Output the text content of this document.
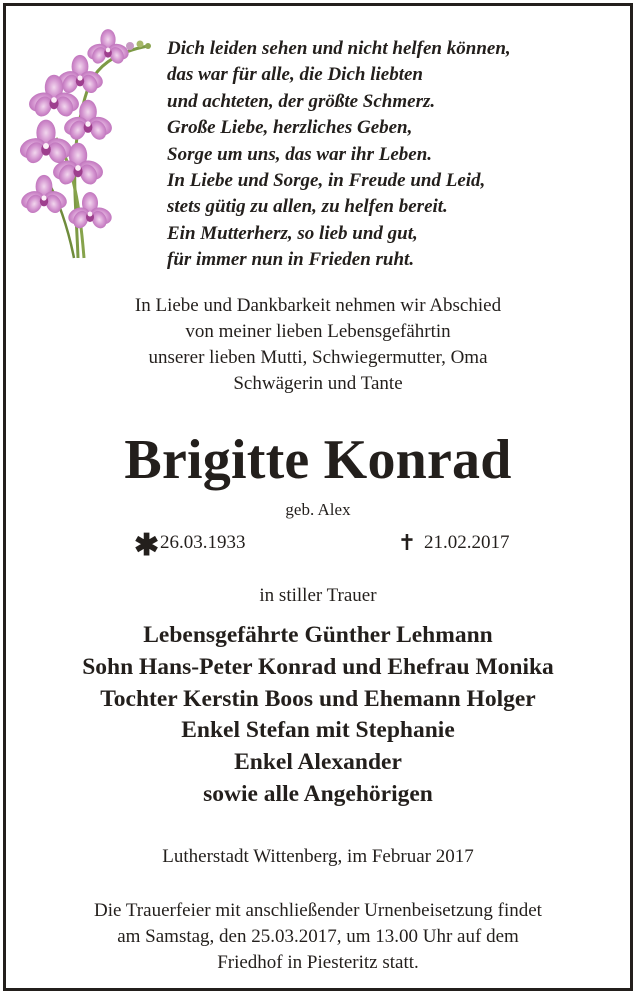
Dich leiden sehen und nicht helfen können,
das war für alle, die Dich liebten
und achteten, der größte Schmerz.
Große Liebe, herzliches Geben,
Sorge um uns, das war ihr Leben.
In Liebe und Sorge, in Freude und Leid,
stets gütig zu allen, zu helfen bereit.
Ein Mutterherz, so lieb und gut,
für immer nun in Frieden ruht.
In Liebe und Dankbarkeit nehmen wir Abschied
von meiner lieben Lebensgefährtin
unserer lieben Mutti, Schwiegermutter, Oma
Schwägerin und Tante
Brigitte Konrad
geb. Alex
✱26.03.1933	✝ 21.02.2017
in stiller Trauer
Lebensgefährte Günther Lehmann
Sohn Hans-Peter Konrad und Ehefrau Monika
Tochter Kerstin Boos und Ehemann Holger
Enkel Stefan mit Stephanie
Enkel Alexander
sowie alle Angehörigen
Lutherstadt Wittenberg, im Februar 2017
Die Trauerfeier mit anschließender Urnenbeisetzung findet
am Samstag, den 25.03.2017, um 13.00 Uhr auf dem
Friedhof in Piesteritz statt.
